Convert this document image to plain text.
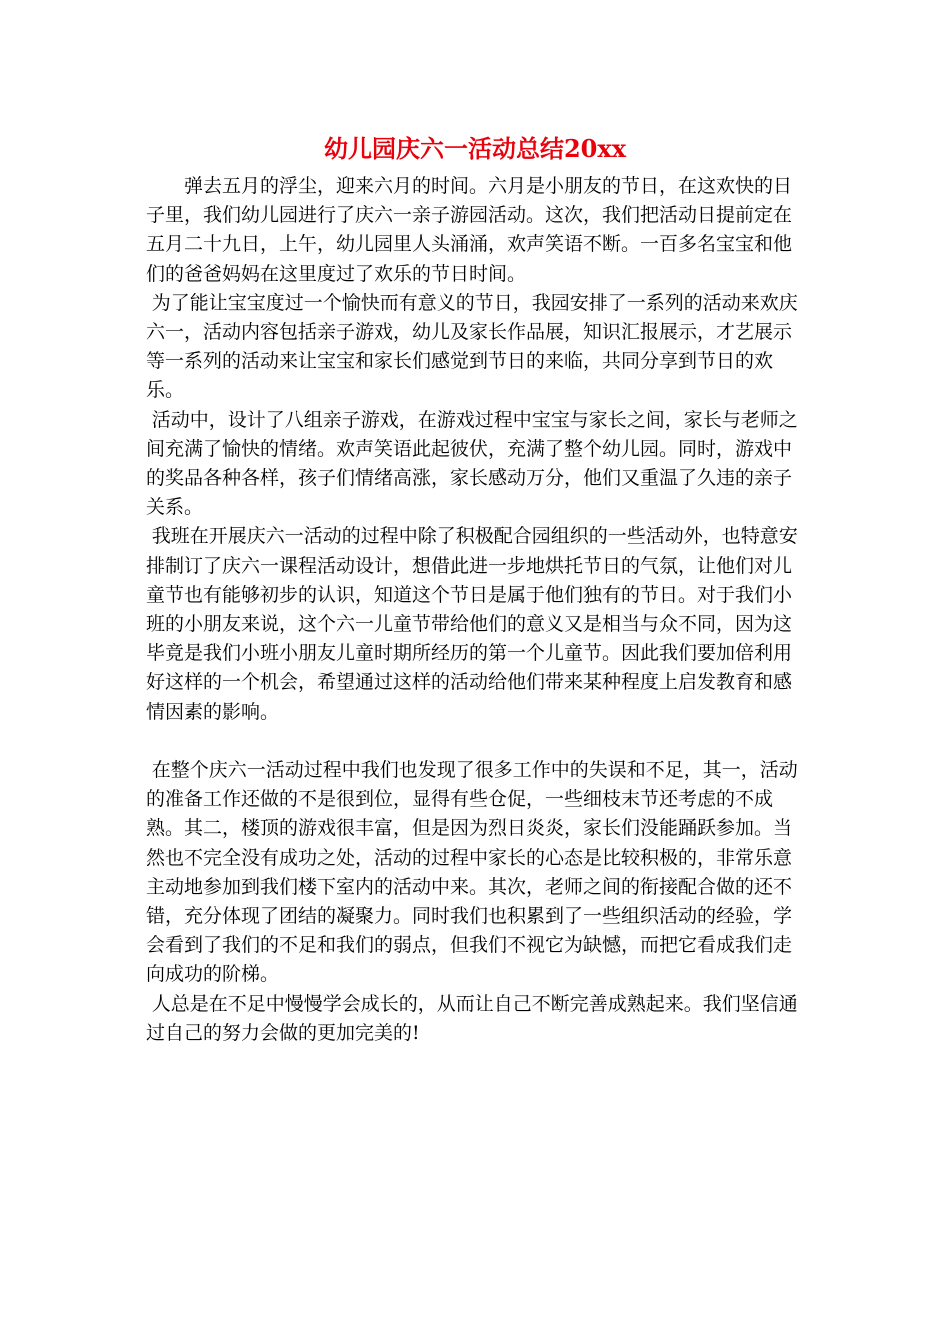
幼儿园庆六一活动总结20xx

弹去五月的浮尘，迎来六月的时间。六月是小朋友的节日，在这欢快的日子里，我们幼儿园进行了庆六一亲子游园活动。这次，我们把活动日提前定在五月二十九日，上午，幼儿园里人头涌涌，欢声笑语不断。一百多名宝宝和他们的爸爸妈妈在这里度过了欢乐的节日时间。

为了能让宝宝度过一个愉快而有意义的节日，我园安排了一系列的活动来欢庆六一，活动内容包括亲子游戏，幼儿及家长作品展，知识汇报展示，才艺展示等一系列的活动来让宝宝和家长们感觉到节日的来临，共同分享到节日的欢乐。

活动中，设计了八组亲子游戏，在游戏过程中宝宝与家长之间，家长与老师之间充满了愉快的情绪。欢声笑语此起彼伏，充满了整个幼儿园。同时，游戏中的奖品各种各样，孩子们情绪高涨，家长感动万分，他们又重温了久违的亲子关系。

我班在开展庆六一活动的过程中除了积极配合园组织的一些活动外，也特意安排制订了庆六一课程活动设计，想借此进一步地烘托节日的气氛，让他们对儿童节也有能够初步的认识，知道这个节日是属于他们独有的节日。对于我们小班的小朋友来说，这个六一儿童节带给他们的意义又是相当与众不同，因为这毕竟是我们小班小朋友儿童时期所经历的第一个儿童节。因此我们要加倍利用好这样的一个机会，希望通过这样的活动给他们带来某种程度上启发教育和感情因素的影响。

在整个庆六一活动过程中我们也发现了很多工作中的失误和不足，其一，活动的准备工作还做的不是很到位，显得有些仓促，一些细枝末节还考虑的不成熟。其二，楼顶的游戏很丰富，但是因为烈日炎炎，家长们没能踊跃参加。当然也不完全没有成功之处，活动的过程中家长的心态是比较积极的，非常乐意主动地参加到我们楼下室内的活动中来。其次，老师之间的衔接配合做的还不错，充分体现了团结的凝聚力。同时我们也积累到了一些组织活动的经验，学会看到了我们的不足和我们的弱点，但我们不视它为缺憾，而把它看成我们走向成功的阶梯。

人总是在不足中慢慢学会成长的，从而让自己不断完善成熟起来。我们坚信通过自己的努力会做的更加完美的!
